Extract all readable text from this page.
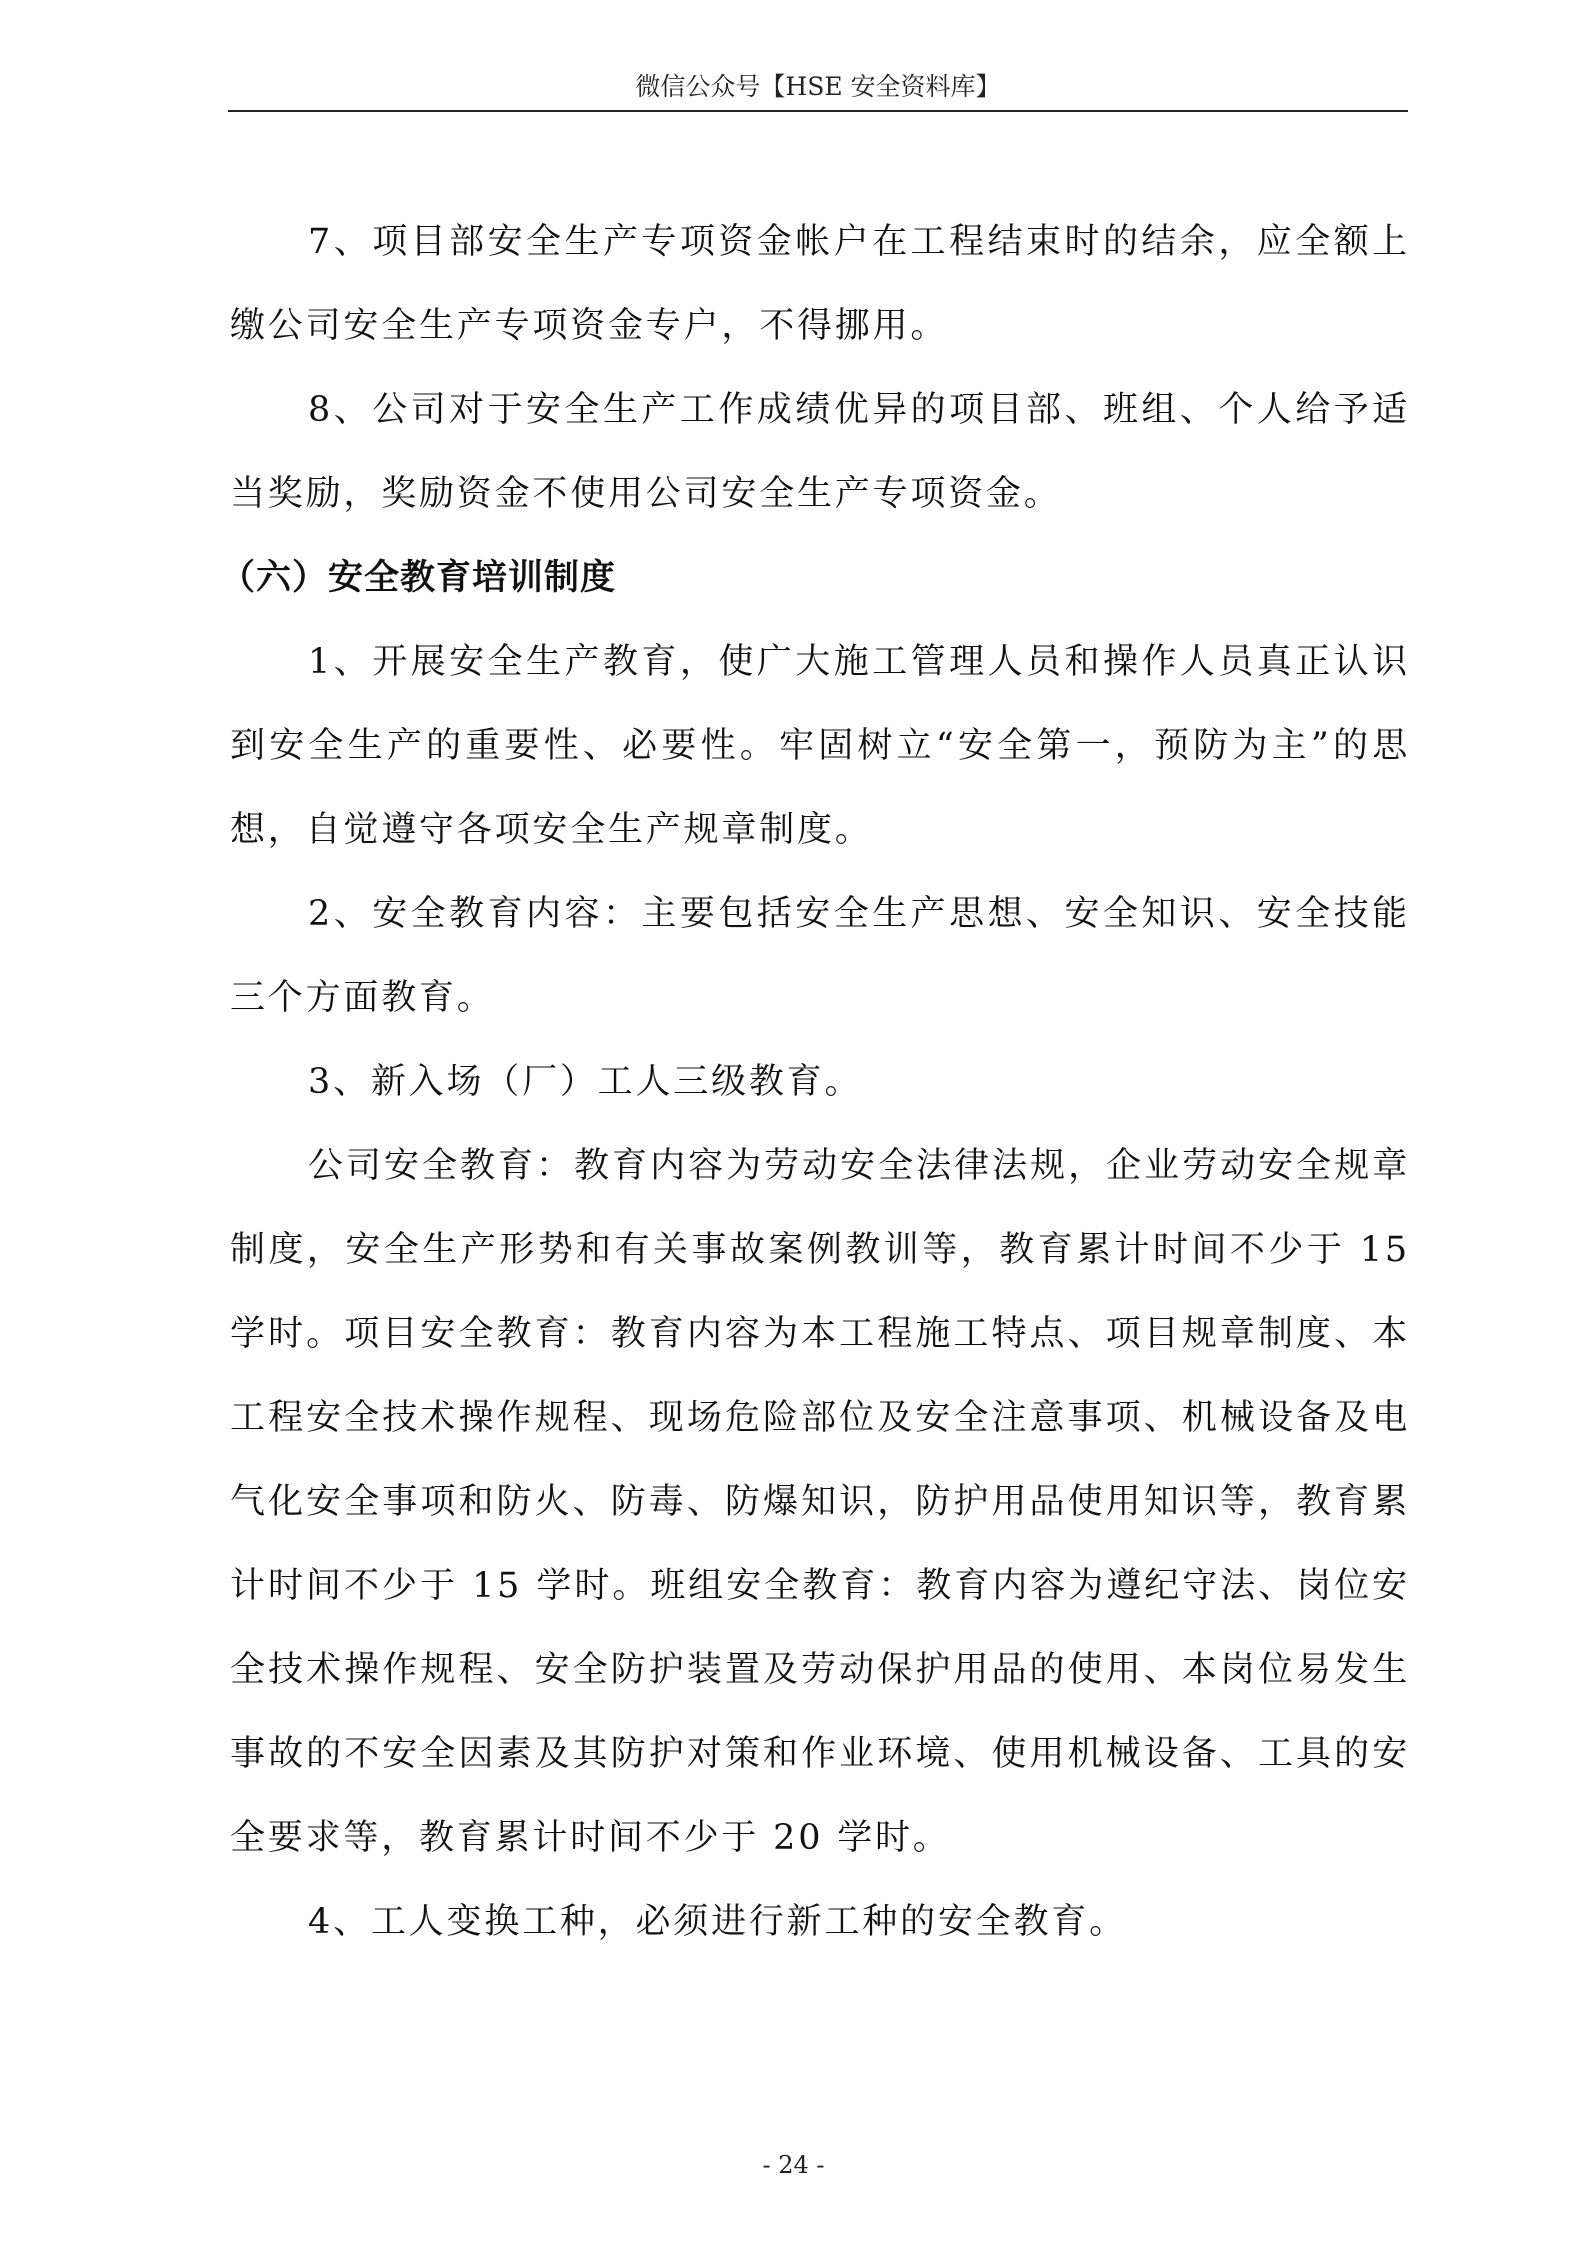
微信公众号【HSE 安全资料库】

7、项目部安全生产专项资金帐户在工程结束时的结余，应全额上缴公司安全生产专项资金专户，不得挪用。

8、公司对于安全生产工作成绩优异的项目部、班组、个人给予适当奖励，奖励资金不使用公司安全生产专项资金。

（六）安全教育培训制度

1、开展安全生产教育，使广大施工管理人员和操作人员真正认识到安全生产的重要性、必要性。牢固树立“安全第一，预防为主”的思想，自觉遵守各项安全生产规章制度。

2、安全教育内容：主要包括安全生产思想、安全知识、安全技能三个方面教育。

3、新入场（厂）工人三级教育。

公司安全教育：教育内容为劳动安全法律法规，企业劳动安全规章制度，安全生产形势和有关事故案例教训等，教育累计时间不少于 15 学时。项目安全教育：教育内容为本工程施工特点、项目规章制度、本工程安全技术操作规程、现场危险部位及安全注意事项、机械设备及电气化安全事项和防火、防毒、防爆知识，防护用品使用知识等，教育累计时间不少于 15 学时。班组安全教育：教育内容为遵纪守法、岗位安全技术操作规程、安全防护装置及劳动保护用品的使用、本岗位易发生事故的不安全因素及其防护对策和作业环境、使用机械设备、工具的安全要求等，教育累计时间不少于 20 学时。

4、工人变换工种，必须进行新工种的安全教育。

- 24 -
